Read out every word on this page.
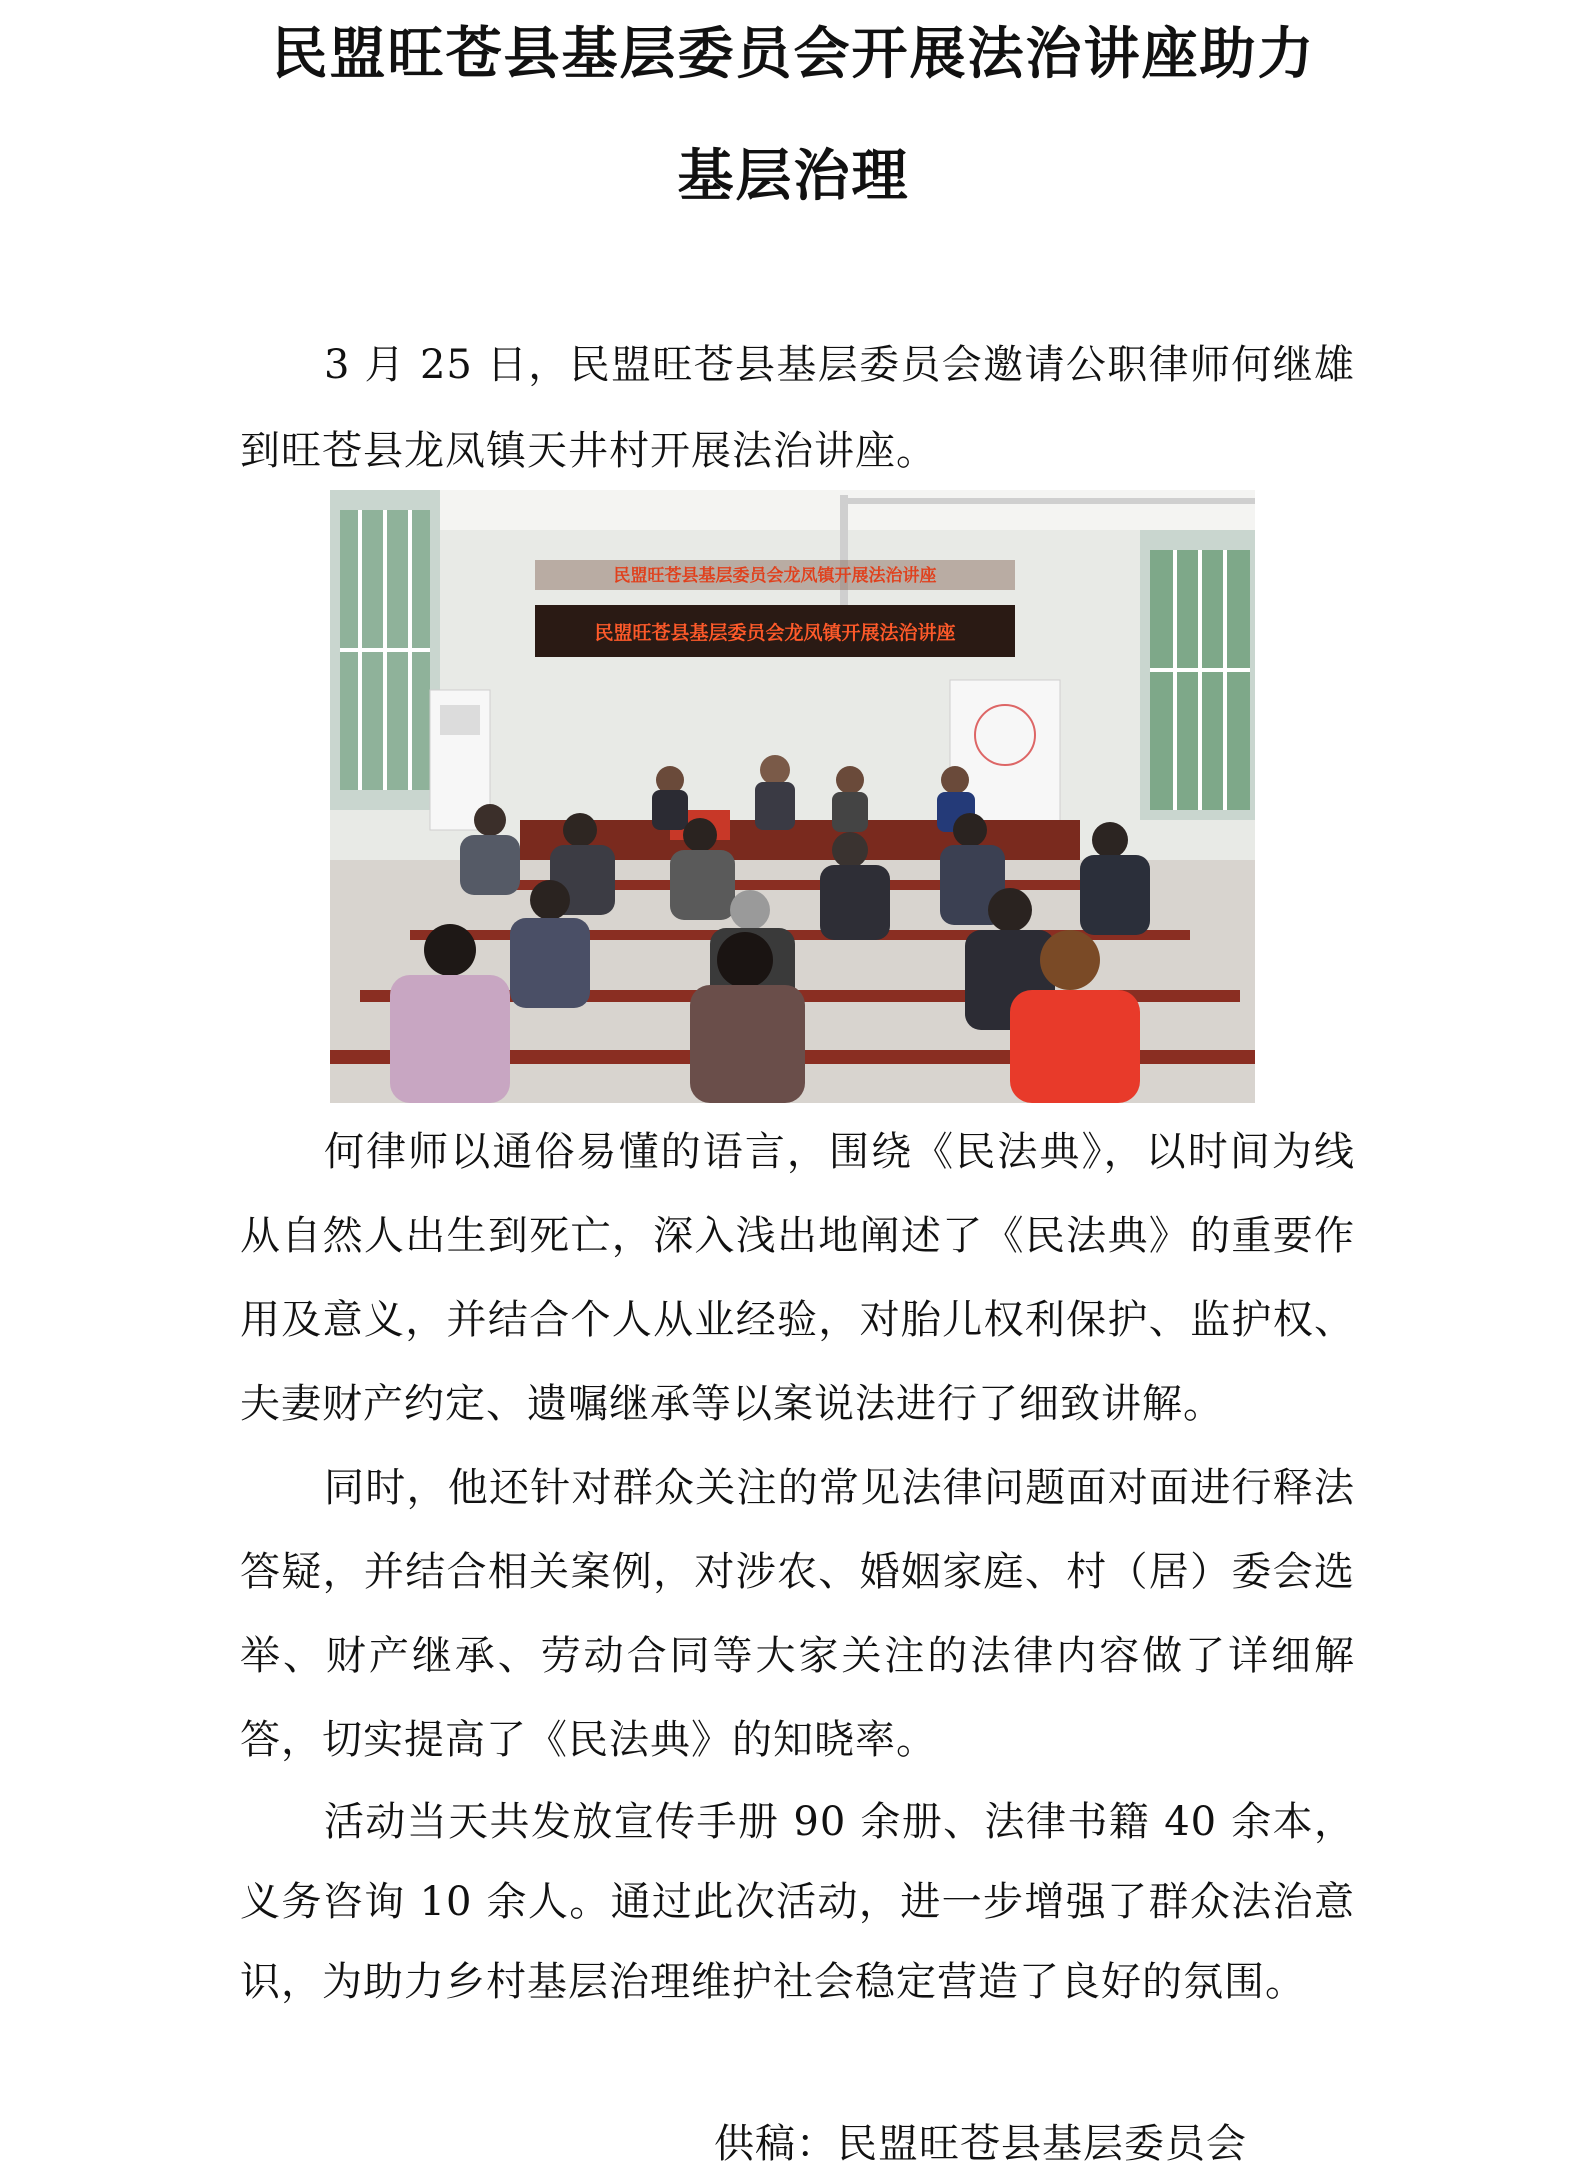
民盟旺苍县基层委员会开展法治讲座助力
基层治理

3 月 25 日，民盟旺苍县基层委员会邀请公职律师何继雄到旺苍县龙凤镇天井村开展法治讲座。

民盟旺苍县基层委员会龙凤镇开展法治讲座
民盟旺苍县基层委员会龙凤镇开展法治讲座

何律师以通俗易懂的语言，围绕《民法典》，以时间为线从自然人出生到死亡，深入浅出地阐述了《民法典》的重要作用及意义，并结合个人从业经验，对胎儿权利保护、监护权、夫妻财产约定、遗嘱继承等以案说法进行了细致讲解。

同时，他还针对群众关注的常见法律问题面对面进行释法答疑，并结合相关案例，对涉农、婚姻家庭、村（居）委会选举、财产继承、劳动合同等大家关注的法律内容做了详细解答，切实提高了《民法典》的知晓率。

活动当天共发放宣传手册 90 余册、法律书籍 40 余本，义务咨询 10 余人。通过此次活动，进一步增强了群众法治意识，为助力乡村基层治理维护社会稳定营造了良好的氛围。

供稿：民盟旺苍县基层委员会
